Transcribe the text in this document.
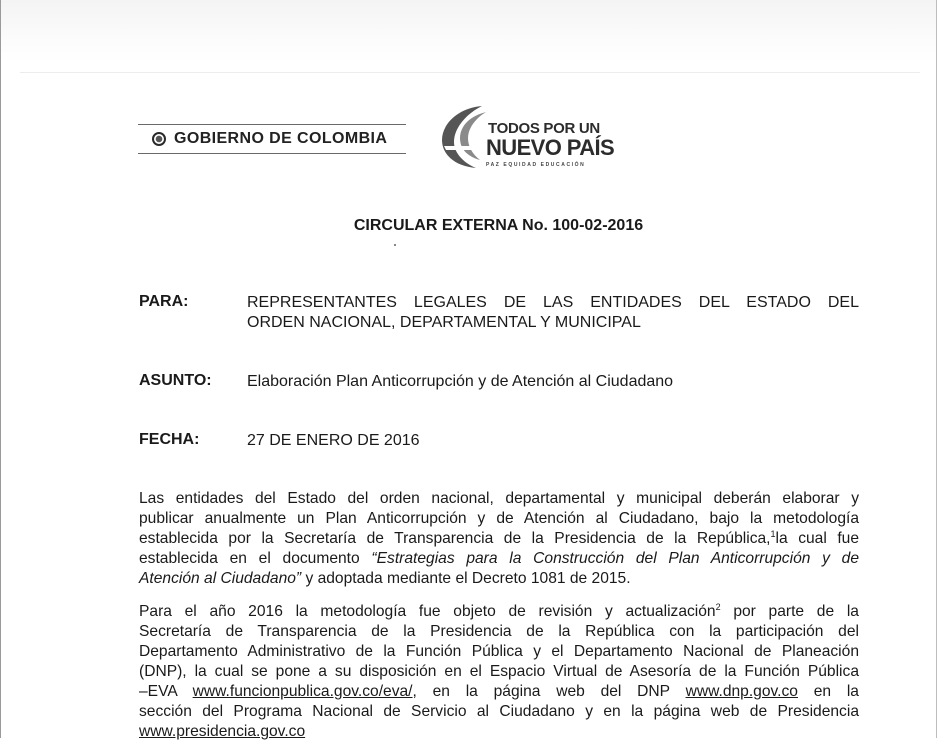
GOBIERNO DE COLOMBIA
TODOS POR UN
NUEVO PAÍS
PAZ EQUIDAD EDUCACIÓN
CIRCULAR EXTERNA No. 100-02-2016
PARA:	REPRESENTANTES LEGALES DE LAS ENTIDADES DEL ESTADO DEL
ORDEN NACIONAL, DEPARTAMENTAL Y MUNICIPAL
ASUNTO: Elaboración Plan Anticorrupción y de Atención al Ciudadano
FECHA:	27 DE ENERO DE 2016
Las entidades del Estado del orden nacional, departamental y municipal deberán elaborar y
publicar anualmente un Plan Anticorrupción y de Atención al Ciudadano, bajo la metodología
establecida por la Secretaría de Transparencia de la Presidencia de la República,$^1$la cual fue
establecida en el documento “Estrategias para la Construcción del Plan Anticorrupción y de
Atención al Ciudadano” y adoptada mediante el Decreto 1081 de 2015.
Para el año 2016 la metodología fue objeto de revisión y actualización$^2$ por parte de la
Secretaría de Transparencia de la Presidencia de la República con la participación del
Departamento Administrativo de la Función Pública y el Departamento Nacional de Planeación
(DNP), la cual se pone a su disposición en el Espacio Virtual de Asesoría de la Función Pública
–EVA www.funcionpublica.gov.co/eva/, en la página web del DNP www.dnp.gov.co en la
sección del Programa Nacional de Servicio al Ciudadano y en la página web de Presidencia
www.presidencia.gov.co
